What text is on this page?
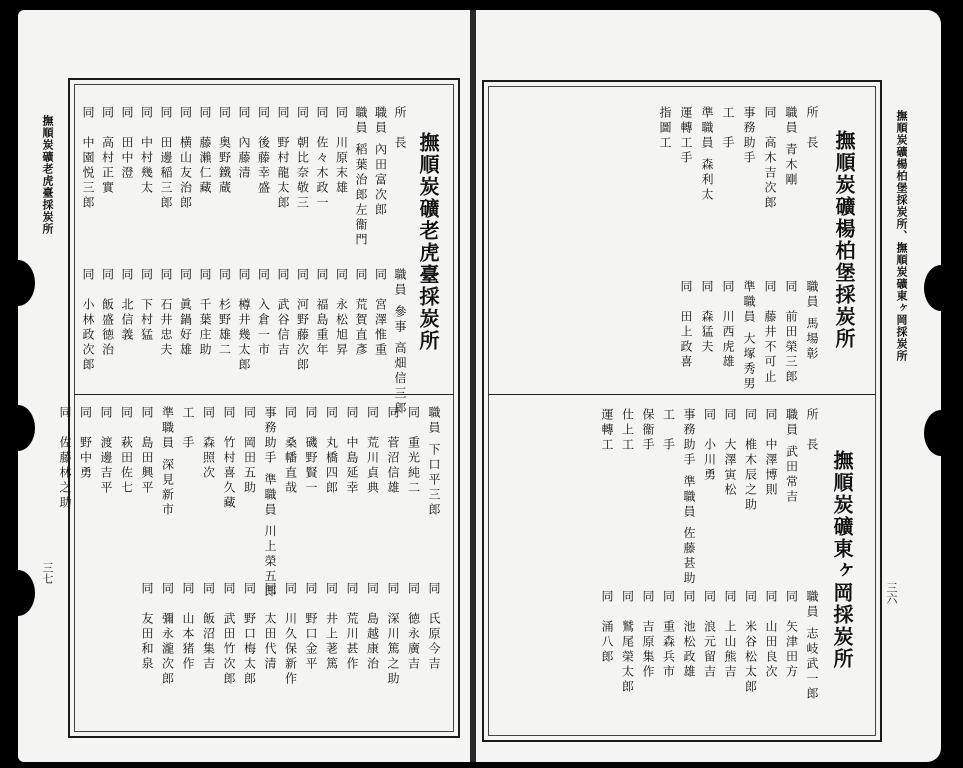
撫順炭礦老虎臺採炭所
三七
撫順炭礦老虎臺採炭所
所　長
職員 內田富次郎
職員 稻葉治郎左衞門
同　川原末雄
同　佐々木政一
同　朝比奈敬三
同　野村龍太郎
同　後藤幸盛
同　內藤清
同　奥野鐵蔵
同　藤瀨仁藏
同　横山友治郎
同　田邊稲三郎
同　中村幾太
同　田中澄
同　高村正實
同　中園悦三郎
職員 參事 高畑信三郎
同　宮澤惟重
同　荒賀直彥
同　永松旭昇
同　福島重年
同　河野藤次郎
同　武谷信吉
同　入倉一市
同　樽井幾太郎
同　杉野雄二
同　千葉庄助
同　眞鍋好雄
同　石井忠夫
同　下村猛
同　北信義
同　飯盛徳治
同　小林政次郎
職員 下口平三郎
同　重光純二
同　菅沼信雄
同　荒川貞典
同　中島延幸
同　丸橋四郎
同　磯野賢一
同　桑幡直哉
事務助手 準職員 川上榮五郎
同　岡田五助
同　竹村喜久藏
同　森照次
工　手
準職員 深見新市
同　島田興平
同　萩田佐七
同　渡邊吉平
同　野中勇
同　佐藤林之助
同　氏原今吉
同　徳永廣吉
同　深川篤之助
同　島越康治
同　荒川甚作
同　井上荖篤
同　野口金平
同　川久保新作
同　太田代清
同　野口梅太郎
同　武田竹次郎
同　飯沼集吉
同　山本猪作
同　彌永瀧次郎
同　友田和泉
撫順炭礦楊柏堡採炭所、撫順炭礦東ヶ岡採炭所
三六
撫順炭礦楊柏堡採炭所
撫順炭礦東ヶ岡採炭所
所　長
職員 青木剛
同　高木吉次郎
事務助手
工　手
準職員 森利太
運轉工手
指圖工
職員 馬場彰
同　前田榮三郎
同　藤井不可止
準職員 大塚秀男
同　川西虎雄
同　森猛夫
同　田上政喜
所　長
職員 武田常吉
同　中澤博則
同　椎木辰之助
同　大澤寅松
同　小川勇
事務助手 準職員 佐藤甚助
工　手
保衞手
仕上工
運轉工
職員 志岐武一郎
同　矢津田方
同　山田良次
同　米谷松太郎
同　上山熊吉
同　浪元留吉
同　池松政雄
同　重森兵市
同　吉原集作
同　鷲尾榮太郎
同　涌八郎
